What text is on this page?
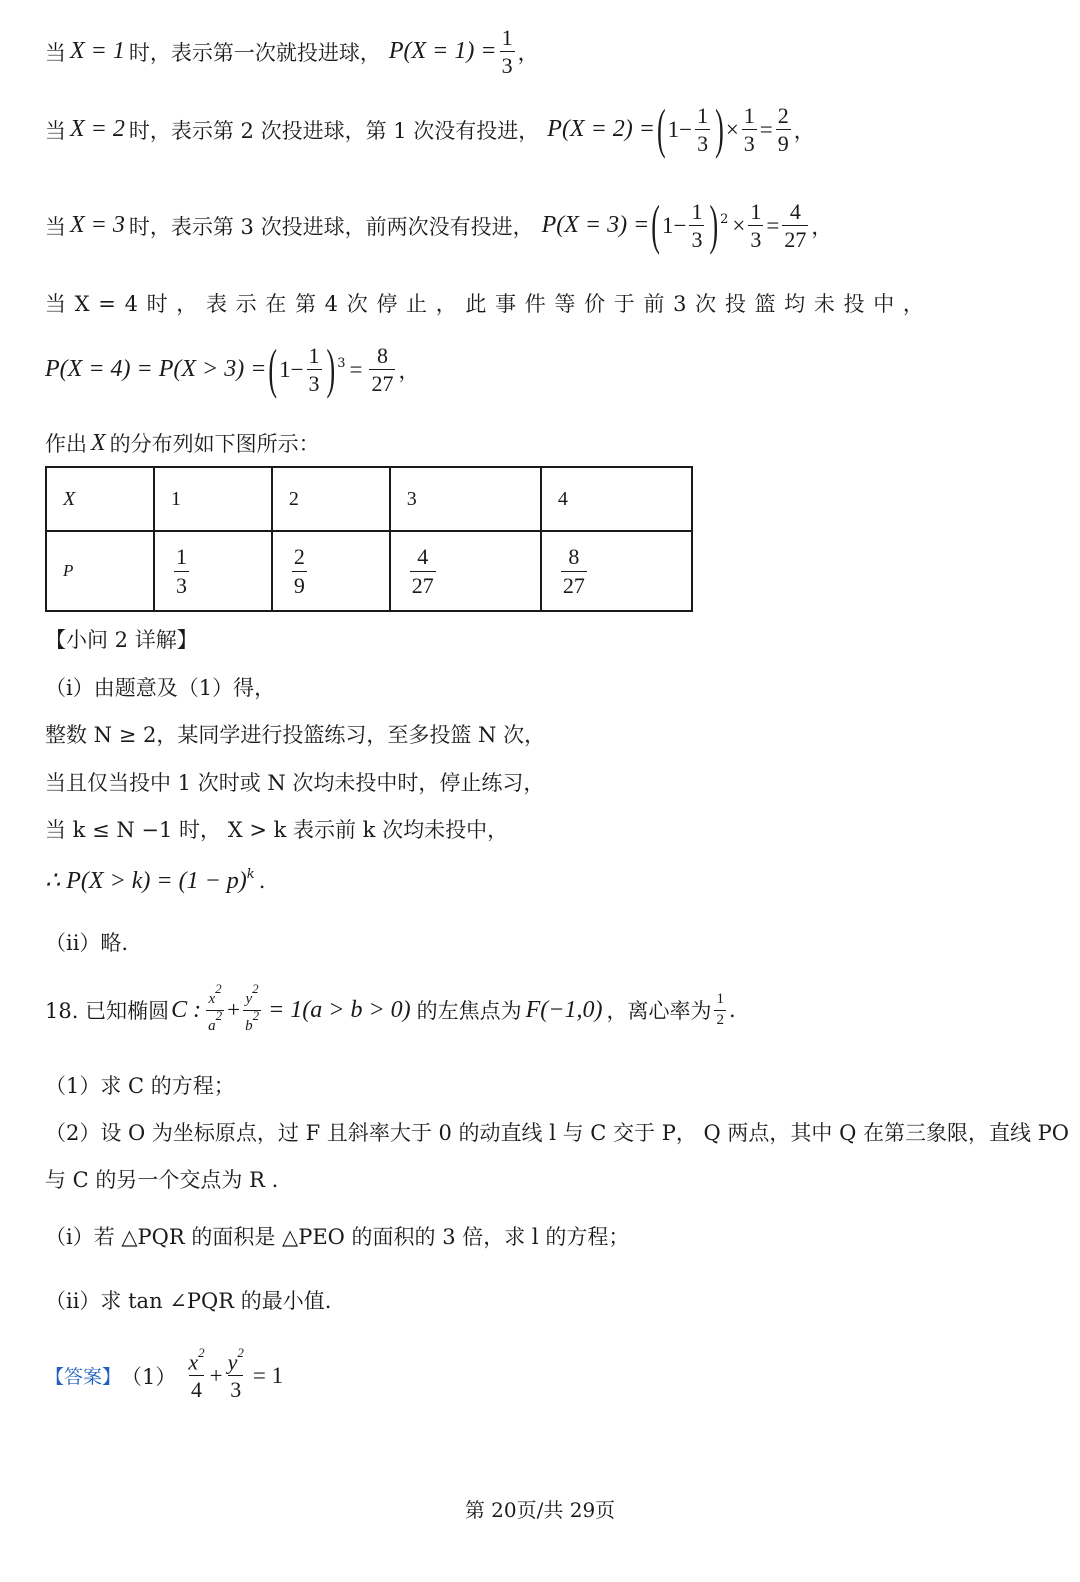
当 X = 1 时，表示第一次就投进球， $P(X = 1) = \frac{1}{3}$ ，
当 X = 2 时，表示第 2 次投进球，第 1 次没有投进， P(X = 2) = ( $1- \frac{1}{3}$ ) × $\frac{1}{3} = \frac{2}{9}$ ，
当 X = 3 时，表示第 3 次投进球，前两次没有投进， P(X = 3) = ( $1- \frac{1}{3} )^2 \times \frac{1}{3} = \frac{4}{27}$ ，
当 X = 4 时 ， 表 示 在 第 4 次 停 止 ， 此 事 件 等 价 于 前 3 次 投 篮 均 未 投 中 ，
P(X = 4) = P(X > 3) = ( $1- \frac{1}{3} )^3 = \frac{8}{27}$ ，
作出 X 的分布列如下图所示：
X	1	2	3	4
P	$\frac{1}{3}$	$\frac{2}{9}$	$\frac{4}{27}$	$\frac{8}{27}$
【小问 2 详解】
（i）由题意及（1）得，
整数 N ≥ 2，某同学进行投篮练习，至多投篮 N 次，
当且仅当投中 1 次时或 N 次均未投中时，停止练习，
当 k ≤ N −1 时， X > k 表示前 k 次均未投中，
∴ $P(X > k) = (1 - p)^k$ .
（ii）略.
18. 已知椭圆 C : $\frac{x^2}{a^2} + \frac{y^2}{b^2} = 1(a > b > 0)$ 的左焦点为 F(−1,0) ，离心率为 $\frac{1}{2}$ .
（1）求 C 的方程；
（2）设 O 为坐标原点，过 F 且斜率大于 0 的动直线 l 与 C 交于 P， Q 两点，其中 Q 在第三象限，直线 PO
与 C 的另一个交点为 R .
（i）若 △PQR 的面积是 △PEO 的面积的 3 倍，求 l 的方程；
（ii）求 tan ∠PQR 的最小值.
【答案】 $(1) \frac{x^2}{4} + \frac{y^2}{3} = 1$
第 20页/共 29页
